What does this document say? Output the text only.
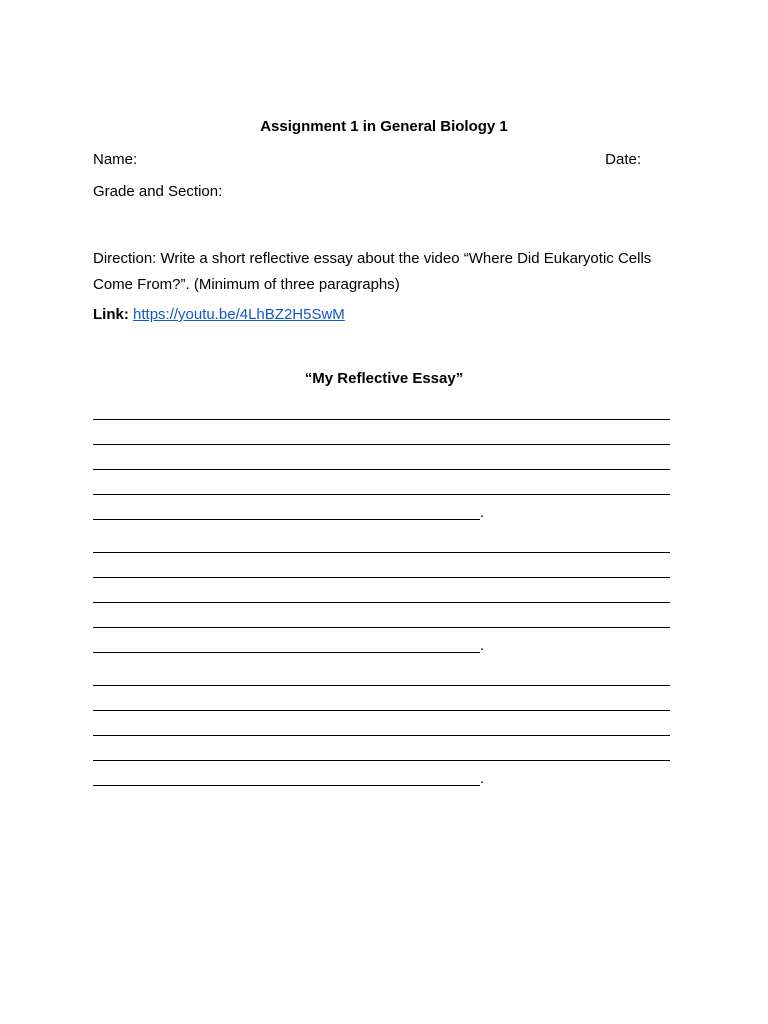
Assignment 1 in General Biology 1
Name:	Date:
Grade and Section:
Direction: Write a short reflective essay about the video “Where Did Eukaryotic Cells Come From?”. (Minimum of three paragraphs)
Link: https://youtu.be/4LhBZ2H5SwM
“My Reflective Essay”
.
.
.
